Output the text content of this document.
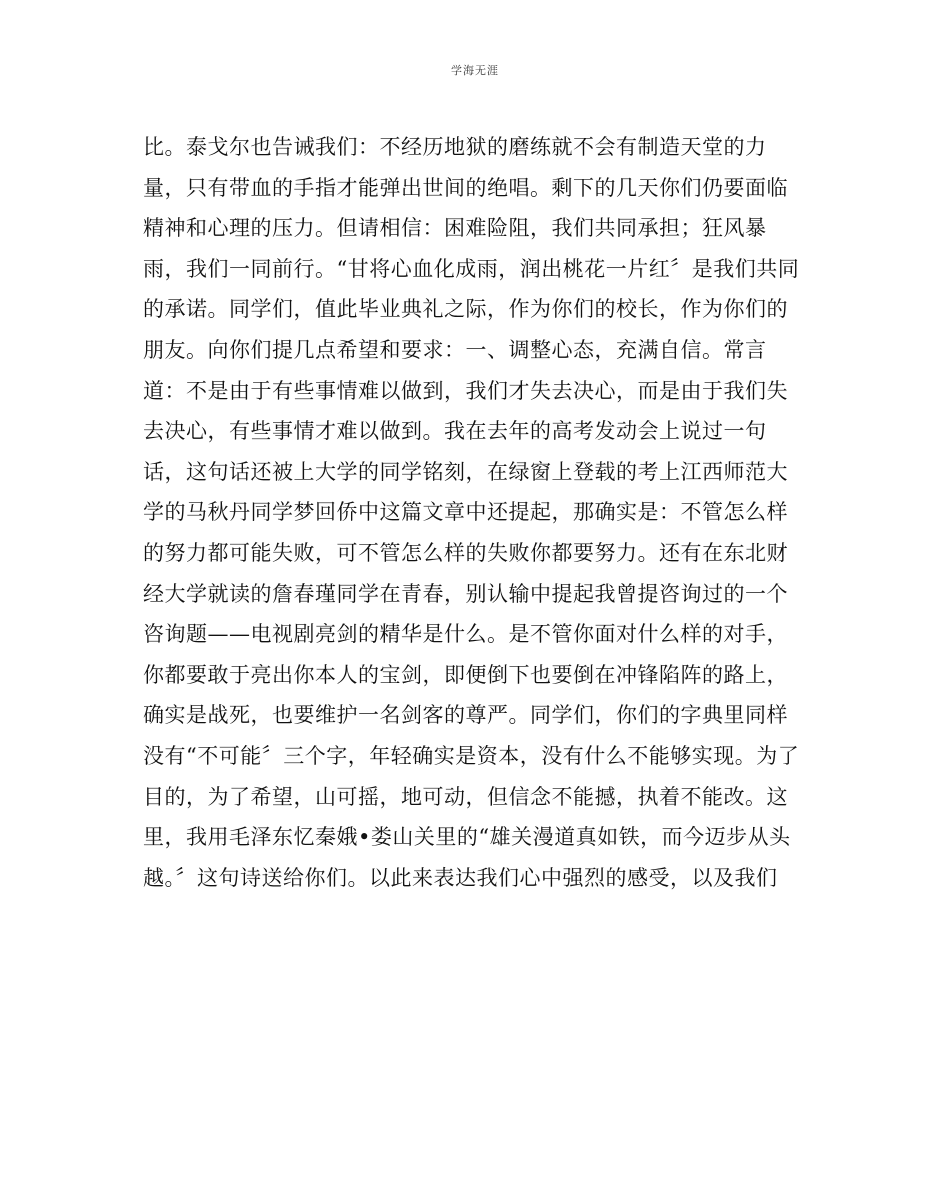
学海无涯
比。泰戈尔也告诫我们：不经历地狱的磨练就不会有制造天堂的力
量，只有带血的手指才能弹出世间的绝唱。剩下的几天你们仍要面临
精神和心理的压力。但请相信：困难险阻，我们共同承担；狂风暴
雨，我们一同前行。“甘将心血化成雨，润出桃花一片红〞是我们共同
的承诺。同学们，值此毕业典礼之际，作为你们的校长，作为你们的
朋友。向你们提几点希望和要求：一、调整心态，充满自信。常言
道：不是由于有些事情难以做到，我们才失去决心，而是由于我们失
去决心，有些事情才难以做到。我在去年的高考发动会上说过一句
话，这句话还被上大学的同学铭刻，在绿窗上登载的考上江西师范大
学的马秋丹同学梦回侨中这篇文章中还提起，那确实是：不管怎么样
的努力都可能失败，可不管怎么样的失败你都要努力。还有在东北财
经大学就读的詹春瑾同学在青春，别认输中提起我曾提咨询过的一个
咨询题——电视剧亮剑的精华是什么。是不管你面对什么样的对手，
你都要敢于亮出你本人的宝剑，即便倒下也要倒在冲锋陷阵的路上，
确实是战死，也要维护一名剑客的尊严。同学们，你们的字典里同样
没有“不可能〞三个字，年轻确实是资本，没有什么不能够实现。为了
目的，为了希望，山可摇，地可动，但信念不能撼，执着不能改。这
里，我用毛泽东忆秦娥•娄山关里的“雄关漫道真如铁，而今迈步从头
越。〞这句诗送给你们。以此来表达我们心中强烈的感受，以及我们
